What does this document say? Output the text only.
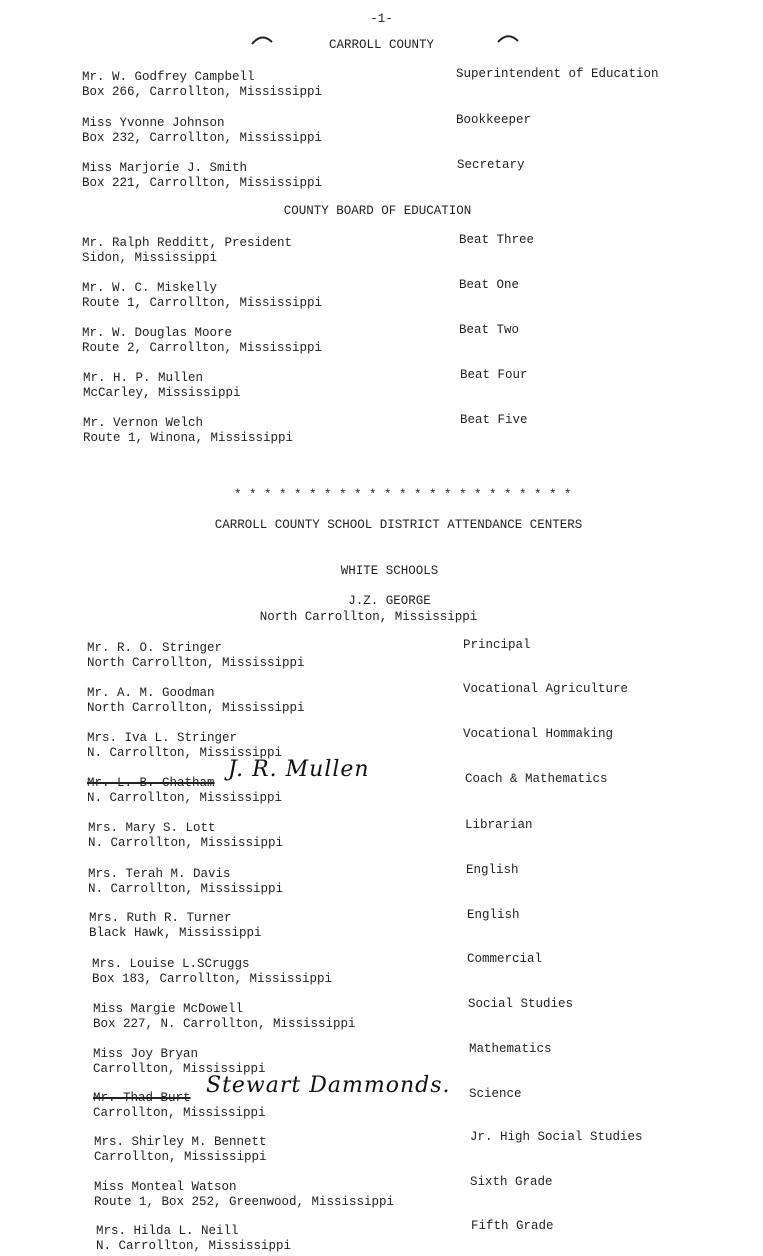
-1-
CARROLL COUNTY
Mr. W. Godfrey Campbell
Box 266, Carrollton, Mississippi
Superintendent of Education
Miss Yvonne Johnson
Box 232, Carrollton, Mississippi
Bookkeeper
Miss Marjorie J. Smith
Box 221, Carrollton, Mississippi
Secretary
COUNTY BOARD OF EDUCATION
Mr. Ralph Redditt, President
Sidon, Mississippi
Beat Three
Mr. W. C. Miskelly
Route 1, Carrollton, Mississippi
Beat One
Mr. W. Douglas Moore
Route 2, Carrollton, Mississippi
Beat Two
Mr. H. P. Mullen
McCarley, Mississippi
Beat Four
Mr. Vernon Welch
Route 1, Winona, Mississippi
Beat Five
* * * * * * * * * * * * * * * * * * * * * * *
CARROLL COUNTY SCHOOL DISTRICT ATTENDANCE CENTERS
WHITE SCHOOLS
J.Z. GEORGE
North Carrollton, Mississippi
Mr. R. O. Stringer
North Carrollton, Mississippi
Principal
Mr. A. M. Goodman
North Carrollton, Mississippi
Vocational Agriculture
Mrs. Iva L. Stringer
N. Carrollton, Mississippi
Vocational Hommaking
Mr. L. B. Chatham
N. Carrollton, Mississippi
J. R. Mullen	Coach & Mathematics
Mrs. Mary S. Lott
N. Carrollton, Mississippi
Librarian
Mrs. Terah M. Davis
N. Carrollton, Mississippi
English
Mrs. Ruth R. Turner
Black Hawk, Mississippi
English
Mrs. Louise L.SCruggs
Box 183, Carrollton, Mississippi
Commercial
Miss Margie McDowell
Box 227, N. Carrollton, Mississippi
Social Studies
Miss Joy Bryan
Carrollton, Mississippi
Mathematics
Mr. Thad Burt
Carrollton, Mississippi
Stewart Dammonds. Science
Mrs. Shirley M. Bennett
Carrollton, Mississippi
Jr. High Social Studies
Miss Monteal Watson
Route 1, Box 252, Greenwood, Mississippi
Sixth Grade
Mrs. Hilda L. Neill
N. Carrollton, Mississippi
Fifth Grade
